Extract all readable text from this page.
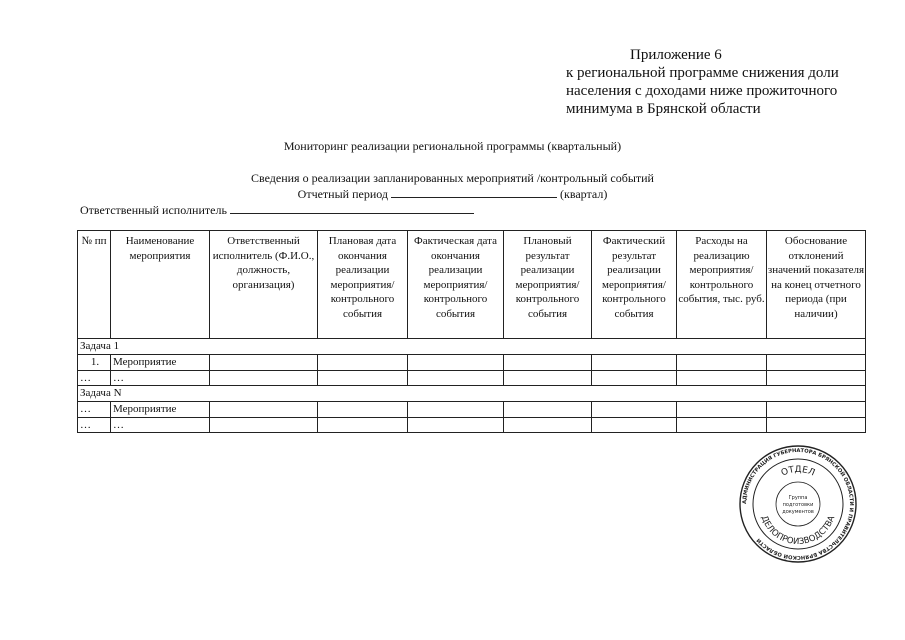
Приложение 6
к региональной программе снижения доли
населения с доходами ниже прожиточного
минимума в Брянской области
Мониторинг реализации региональной программы (квартальный)
Сведения о реализации запланированных мероприятий /контрольный событий
Отчетный период	(квартал)
Ответственный исполнитель
№ пп	Наименование мероприятия	Ответственный исполнитель (Ф.И.О., должность, организация)	Плановая дата окончания реализации мероприятия/ контрольного события	Фактическая дата окончания реализации мероприятия/ контрольного события	Плановый результат реализации мероприятия/ контрольного события	Фактический результат реализации мероприятия/ контрольного события	Расходы на реализацию мероприятия/ контрольного события, тыс. руб.	Обоснование отклонений значений показателя на конец отчетного периода (при наличии)
Задача 1								
1.	Мероприятие							
…	…							
Задача N								
…	Мероприятие							
…	…							
АДМИНИСТРАЦИЯ ГУБЕРНАТОРА БРЯНСКОЙ ОБЛАСТИ И ПРАВИТЕЛЬСТВА БРЯНСКОЙ ОБЛАСТИ
ОТДЕЛ
ДЕЛОПРОИЗВОДСТВА
Группа
подготовки
документов
